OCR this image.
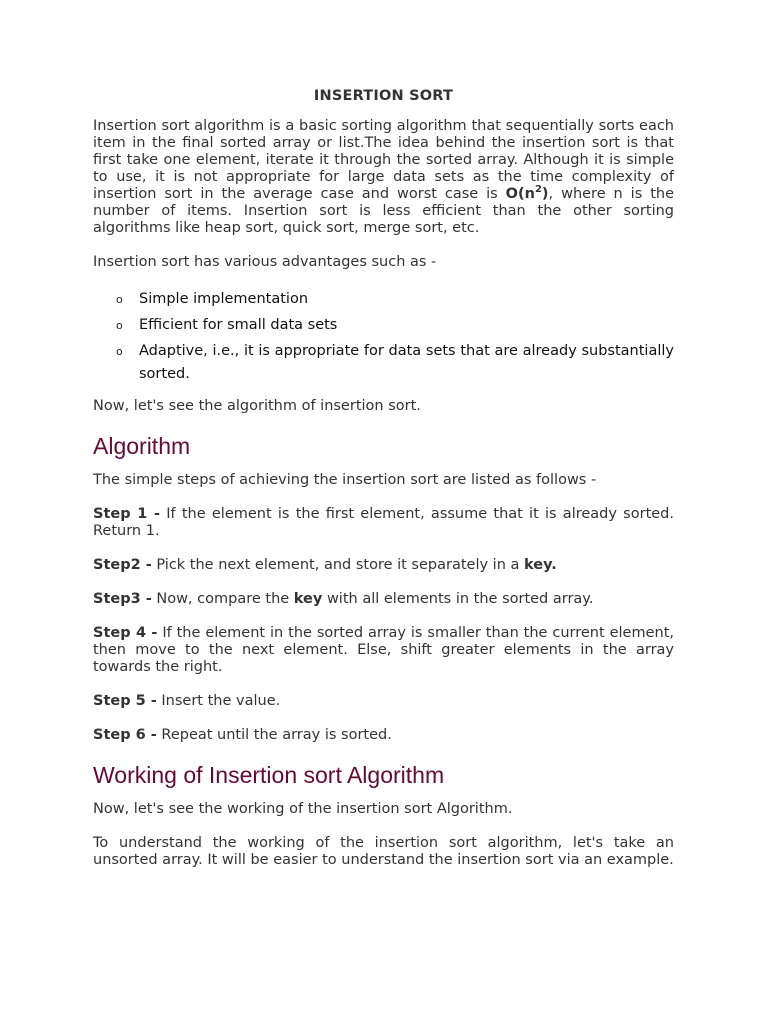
INSERTION SORT

Insertion sort algorithm is a basic sorting algorithm that sequentially sorts each item in the final sorted array or list.The idea behind the insertion sort is that first take one element, iterate it through the sorted array. Although it is simple to use, it is not appropriate for large data sets as the time complexity of insertion sort in the average case and worst case is $O(n^2)$, where n is the number of items. Insertion sort is less efficient than the other sorting algorithms like heap sort, quick sort, merge sort, etc.

Insertion sort has various advantages such as -

o Simple implementation
o Efficient for small data sets
o Adaptive, i.e., it is appropriate for data sets that are already substantially sorted.

Now, let's see the algorithm of insertion sort.

Algorithm

The simple steps of achieving the insertion sort are listed as follows -

Step 1 - If the element is the first element, assume that it is already sorted. Return 1.

Step2 - Pick the next element, and store it separately in a key.

Step3 - Now, compare the key with all elements in the sorted array.

Step 4 - If the element in the sorted array is smaller than the current element, then move to the next element. Else, shift greater elements in the array towards the right.

Step 5 - Insert the value.

Step 6 - Repeat until the array is sorted.

Working of Insertion sort Algorithm

Now, let's see the working of the insertion sort Algorithm.

To understand the working of the insertion sort algorithm, let's take an unsorted array. It will be easier to understand the insertion sort via an example.
